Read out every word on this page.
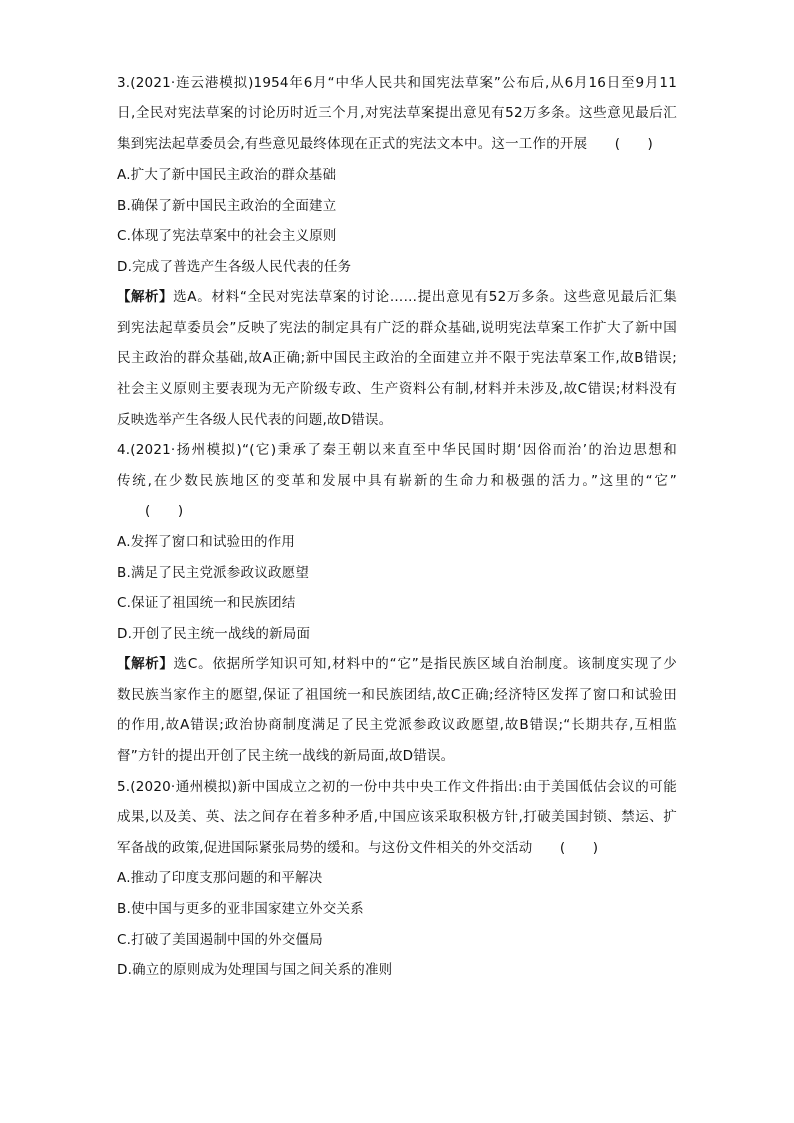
3.(2021·连云港模拟)1954年6月“中华人民共和国宪法草案”公布后,从6月16日至9月11
日,全民对宪法草案的讨论历时近三个月,对宪法草案提出意见有52万多条。这些意见最后汇
集到宪法起草委员会,有些意见最终体现在正式的宪法文本中。这一工作的开展　　(　　)
A.扩大了新中国民主政治的群众基础
B.确保了新中国民主政治的全面建立
C.体现了宪法草案中的社会主义原则
D.完成了普选产生各级人民代表的任务
【解析】选A。材料“全民对宪法草案的讨论……提出意见有52万多条。这些意见最后汇集
到宪法起草委员会”反映了宪法的制定具有广泛的群众基础,说明宪法草案工作扩大了新中国
民主政治的群众基础,故A正确;新中国民主政治的全面建立并不限于宪法草案工作,故B错误;
社会主义原则主要表现为无产阶级专政、生产资料公有制,材料并未涉及,故C错误;材料没有
反映选举产生各级人民代表的问题,故D错误。
4.(2021·扬州模拟)“(它)秉承了秦王朝以来直至中华民国时期‘因俗而治’的治边思想和
传统,在少数民族地区的变革和发展中具有崭新的生命力和极强的活力。”这里的“它”
(　　)
A.发挥了窗口和试验田的作用
B.满足了民主党派参政议政愿望
C.保证了祖国统一和民族团结
D.开创了民主统一战线的新局面
【解析】选C。依据所学知识可知,材料中的“它”是指民族区域自治制度。该制度实现了少
数民族当家作主的愿望,保证了祖国统一和民族团结,故C正确;经济特区发挥了窗口和试验田
的作用,故A错误;政治协商制度满足了民主党派参政议政愿望,故B错误;“长期共存,互相监
督”方针的提出开创了民主统一战线的新局面,故D错误。
5.(2020·通州模拟)新中国成立之初的一份中共中央工作文件指出:由于美国低估会议的可能
成果,以及美、英、法之间存在着多种矛盾,中国应该采取积极方针,打破美国封锁、禁运、扩
军备战的政策,促进国际紧张局势的缓和。与这份文件相关的外交活动　　(　　)
A.推动了印度支那问题的和平解决
B.使中国与更多的亚非国家建立外交关系
C.打破了美国遏制中国的外交僵局
D.确立的原则成为处理国与国之间关系的准则
